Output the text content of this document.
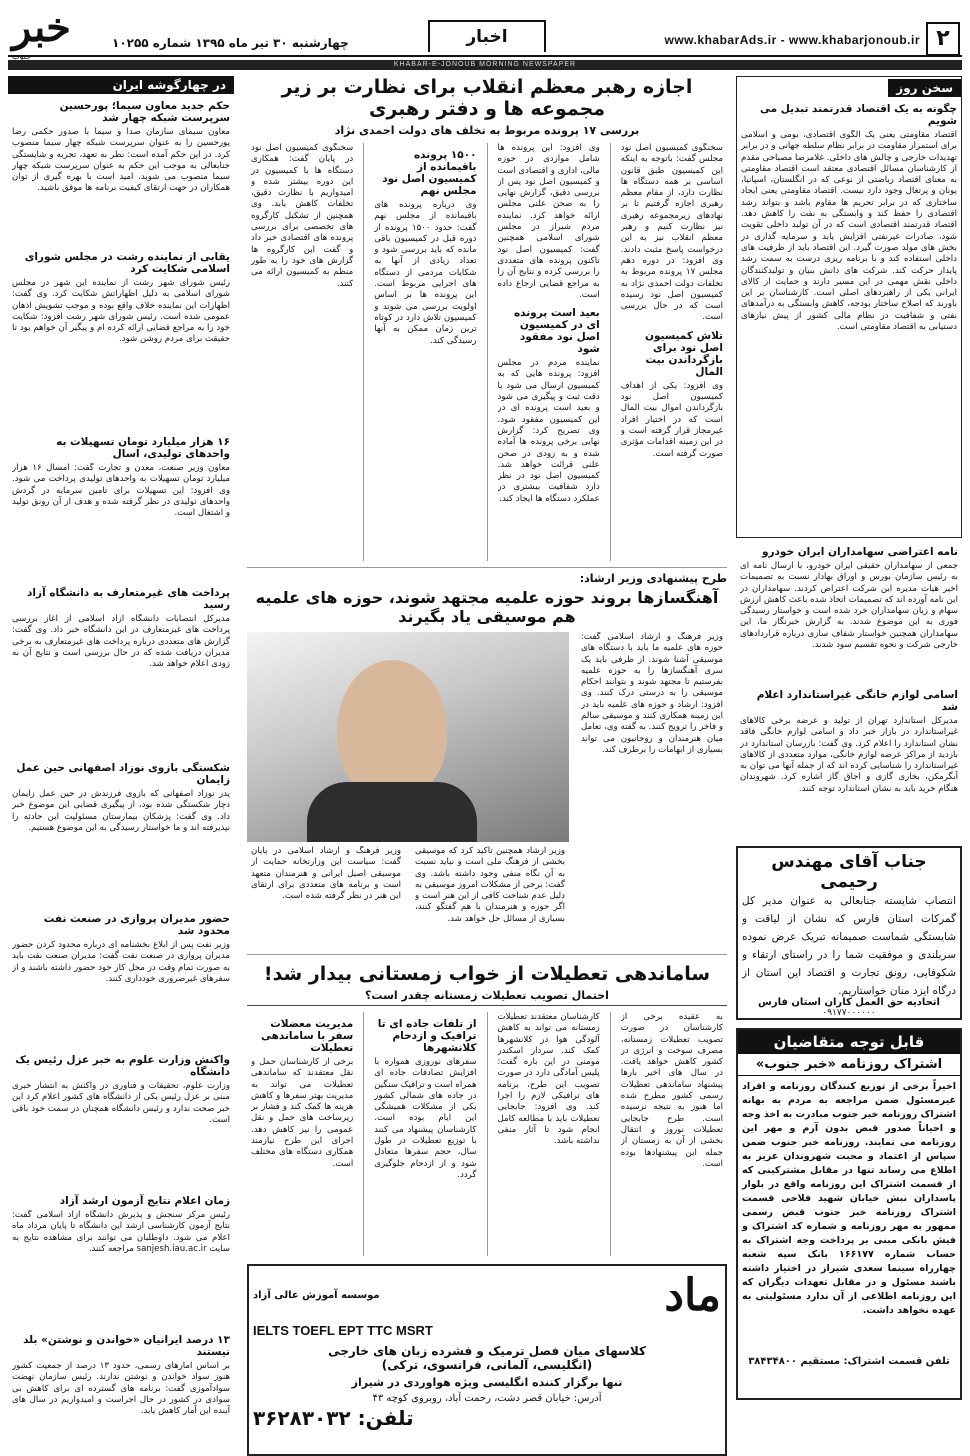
۲
www.khabarAds.ir - www.khabarjonoub.ir
اخبار
چهارشنبه ۳۰ تیر ماه ۱۳۹۵ شماره ۱۰۲۵۵
خبر
KHABAR-E-JONOUB MORNING NEWSPAPER
سخن روز
چگونه به یک اقتصاد قدرتمند تبدیل می شویم
اقتصاد مقاومتی یعنی یک الگوی اقتصادی، بومی و اسلامی برای استمرار مقاومت در برابر نظام سلطه جهانی و در برابر تهدیدات خارجی و چالش های داخلی. غلامرضا مصباحی مقدم از کارشناسان مسائل اقتصادی معتقد است اقتصاد مقاومتی به معنای اقتصاد ریاضتی از نوعی که در انگلستان، اسپانیا، یونان و پرتغال وجود دارد نیست. اقتصاد مقاومتی یعنی ایجاد ساختاری که در برابر تحریم ها مقاوم باشد و بتواند رشد اقتصادی را حفظ کند و وابستگی به نفت را کاهش دهد. اقتصاد قدرتمند اقتصادی است که در آن تولید داخلی تقویت شود، صادرات غیرنفتی افزایش یابد و سرمایه گذاری در بخش های مولد صورت گیرد. این اقتصاد باید از ظرفیت های داخلی استفاده کند و با برنامه ریزی درست به سمت رشد پایدار حرکت کند. شرکت های دانش بنیان و تولیدکنندگان داخلی نقش مهمی در این مسیر دارند و حمایت از کالای ایرانی یکی از راهبردهای اصلی است. کارشناسان بر این باورند که اصلاح ساختار بودجه، کاهش وابستگی به درآمدهای نفتی و شفافیت در نظام مالی کشور از پیش نیازهای دستیابی به اقتصاد مقاومتی است.
نامه اعتراضی سهامداران ایران خودرو
جمعی از سهامداران حقیقی ایران خودرو، با ارسال نامه ای به رئیس سازمان بورس و اوراق بهادار نسبت به تصمیمات اخیر هیات مدیره این شرکت اعتراض کردند. سهامداران در این نامه آورده اند که تصمیمات اتخاذ شده باعث کاهش ارزش سهام و زیان سهامداران خرد شده است و خواستار رسیدگی فوری به این موضوع شدند. به گزارش خبرنگار ما، این سهامداران همچنین خواستار شفاف سازی درباره قراردادهای خارجی شرکت و نحوه تقسیم سود شدند.
اسامی لوازم خانگی غیراستاندارد اعلام شد
مدیرکل استاندارد تهران از تولید و عرضه برخی کالاهای غیراستاندارد در بازار خبر داد و اسامی لوازم خانگی فاقد نشان استاندارد را اعلام کرد. وی گفت: بازرسان استاندارد در بازدید از مراکز عرضه لوازم خانگی، موارد متعددی از کالاهای غیراستاندارد را شناسایی کرده اند که از جمله آنها می توان به آبگرمکن، بخاری گازی و اجاق گاز اشاره کرد. شهروندان هنگام خرید باید به نشان استاندارد توجه کنند.
جناب آقای مهندس رحیمی
انتصاب شایسته جنابعالی به عنوان مدیر کل گمرکات استان فارس که نشان از لیاقت و شایستگی شماست صمیمانه تبریک عرض نموده سربلندی و موفقیت شما را در راستای ارتقاء و شکوفایی، رونق تجارت و اقتصاد این استان از درگاه ایزد منان خواستاریم.
اتحادیه حق العمل کاران استان فارس
۰۹۱۷۷۰۰۰۰۰۰
قابل توجه متقاضیان
اشتراک روزنامه «خبر جنوب»
اخیراً برخی از توزیع کنندگان روزنامه و افراد غیرمسئول ضمن مراجعه به مردم به بهانه اشتراک روزنامه خبر جنوب مبادرت به اخذ وجه و احیاناً صدور قبض بدون آرم و مهر این روزنامه می نمایند. روزنامه خبر جنوب ضمن سپاس از اعتماد و محبت شهروندان عزیز به اطلاع می رساند تنها در مقابل مشترکینی که از قسمت اشتراک این روزنامه واقع در بلوار پاسداران نبش خیابان شهید فلاحی قسمت اشتراک روزنامه خبر جنوب قبض رسمی ممهور به مهر روزنامه و شماره کد اشتراک و فیش بانکی مبنی بر پرداخت وجه اشتراک به حساب شماره ۱۶۶۱۷۷ بانک سپه شعبه چهارراه سینما سعدی شیراز در اختیار داشته باشند مسئول و در مقابل تعهدات دیگران که این روزنامه اطلاعی از آن ندارد مسئولیتی به عهده نخواهد داشت.
تلفن قسمت اشتراک: مستقیم ۳۸۴۳۴۸۰۰
اجازه رهبر معظم انقلاب برای نظارت بر زیر مجموعه ها و دفتر رهبری
بررسی ۱۷ پرونده مربوط به تخلف های دولت احمدی نژاد
سخنگوی کمیسیون اصل نود مجلس گفت: باتوجه به اینکه این کمیسیون طبق قانون اساسی بر همه دستگاه ها نظارت دارد، از مقام معظم رهبری اجازه گرفتیم تا بر نهادهای زیرمجموعه رهبری نیز نظارت کنیم و رهبر معظم انقلاب نیز به این درخواست پاسخ مثبت دادند. وی افزود: در دوره دهم مجلس ۱۷ پرونده مربوط به تخلفات دولت احمدی نژاد به کمیسیون اصل نود رسیده است که در حال بررسی است.
تلاش کمیسیون اصل نود برای بازگرداندن بیت المال
وی افزود: یکی از اهداف کمیسیون اصل نود بازگرداندن اموال بیت المال است که در اختیار افراد غیرمجاز قرار گرفته است و در این زمینه اقدامات مؤثری صورت گرفته است.
وی افزود: این پرونده ها شامل مواردی در حوزه مالی، اداری و اقتصادی است و کمیسیون اصل نود پس از بررسی دقیق، گزارش نهایی را به صحن علنی مجلس ارائه خواهد کرد. نماینده مردم شیراز در مجلس شورای اسلامی همچنین گفت: کمیسیون اصل نود تاکنون پرونده های متعددی را بررسی کرده و نتایج آن را به مراجع قضایی ارجاع داده است.
بعید است پرونده ای در کمیسیون اصل نود مفقود شود
نماینده مردم در مجلس افزود: پرونده هایی که به کمیسیون ارسال می شود با دقت ثبت و پیگیری می شود و بعید است پرونده ای در این کمیسیون مفقود شود. وی تصریح کرد: گزارش نهایی برخی پرونده ها آماده شده و به زودی در صحن علنی قرائت خواهد شد. کمیسیون اصل نود در نظر دارد شفافیت بیشتری در عملکرد دستگاه ها ایجاد کند.
۱۵۰۰ پرونده باقیمانده از کمیسیون اصل نود مجلس نهم
وی درباره پرونده های باقیمانده از مجلس نهم گفت: حدود ۱۵۰۰ پرونده از دوره قبل در کمیسیون باقی مانده که باید بررسی شود و تعداد زیادی از آنها به شکایات مردمی از دستگاه های اجرایی مربوط است. این پرونده ها بر اساس اولویت بررسی می شوند و کمیسیون تلاش دارد در کوتاه ترین زمان ممکن به آنها رسیدگی کند.
سخنگوی کمیسیون اصل نود در پایان گفت: همکاری دستگاه ها با کمیسیون در این دوره بیشتر شده و امیدواریم با نظارت دقیق، تخلفات کاهش یابد. وی همچنین از تشکیل کارگروه های تخصصی برای بررسی پرونده های اقتصادی خبر داد و گفت این کارگروه ها گزارش های خود را به طور منظم به کمیسیون ارائه می کنند.
طرح پیشنهادی وزیر ارشاد:
آهنگسازها بروند حوزه علمیه مجتهد شوند، حوزه های علمیه هم موسیقی یاد بگیرند
وزیر فرهنگ و ارشاد اسلامی گفت: حوزه های علمیه ما باید با دستگاه های موسیقی آشنا شوند. از طرفی باید یک سری آهنگسازها را به حوزه علمیه بفرستیم تا مجتهد شوند و بتوانند احکام موسیقی را به درستی درک کنند. وی افزود: ارشاد و حوزه های علمیه باید در این زمینه همکاری کنند و موسیقی سالم و فاخر را ترویج کنند. به گفته وی، تعامل میان هنرمندان و روحانیون می تواند بسیاری از ابهامات را برطرف کند.
وزیر ارشاد همچنین تاکید کرد که موسیقی بخشی از فرهنگ ملی است و نباید نسبت به آن نگاه منفی وجود داشته باشد. وی گفت: برخی از مشکلات امروز موسیقی به دلیل عدم شناخت کافی از این هنر است و اگر حوزه و هنرمندان با هم گفتگو کنند، بسیاری از مسائل حل خواهد شد.
وزیر فرهنگ و ارشاد اسلامی در پایان گفت: سیاست این وزارتخانه حمایت از موسیقی اصیل ایرانی و هنرمندان متعهد است و برنامه های متعددی برای ارتقای این هنر در نظر گرفته شده است.
ساماندهی تعطیلات از خواب زمستانی بیدار شد!
احتمال تصویب تعطیلات زمستانه چقدر است؟
به عقیده برخی از کارشناسان در صورت تصویب تعطیلات زمستانه، مصرف سوخت و انرژی در کشور کاهش خواهد یافت. در سال های اخیر بارها پیشنهاد ساماندهی تعطیلات رسمی کشور مطرح شده اما هنوز به نتیجه نرسیده است. طرح جابجایی تعطیلات نوروز و انتقال بخشی از آن به زمستان از جمله این پیشنهادها بوده است.
کارشناسان معتقدند تعطیلات زمستانه می تواند به کاهش آلودگی هوا در کلانشهرها کمک کند. سردار اسکندر مومنی در این باره گفت: پلیس آمادگی دارد در صورت تصویب این طرح، برنامه های ترافیکی لازم را اجرا کند. وی افزود: جابجایی تعطیلات باید با مطالعه کامل انجام شود تا آثار منفی نداشته باشد.
از تلفات جاده ای تا ترافیک و ازدحام کلانشهرها
سفرهای نوروزی همواره با افزایش تصادفات جاده ای همراه است و ترافیک سنگین در جاده های شمالی کشور یکی از مشکلات همیشگی این ایام بوده است. کارشناسان پیشنهاد می کنند با توزیع تعطیلات در طول سال، حجم سفرها متعادل شود و از ازدحام جلوگیری گردد.
مدیریت معضلات سفر با ساماندهی تعطیلات
برخی از کارشناسان حمل و نقل معتقدند که ساماندهی تعطیلات می تواند به مدیریت بهتر سفرها و کاهش هزینه ها کمک کند و فشار بر زیرساخت های حمل و نقل عمومی را نیز کاهش دهد. اجرای این طرح نیازمند همکاری دستگاه های مختلف است.
ماد
موسسه آموزش عالی آزاد
IELTS TOEFL EPT TTC MSRT
کلاسهای میان فصل ترمیک و فشرده زبان های خارجی
(انگلیسی، آلمانی، فرانسوی، ترکی)
تنها برگزار کننده انگلیسی ویژه هواوردی در شیراز
آدرس: خیابان قصر دشت، رحمت آباد، روبروی کوچه ۴۳
تلفن: ۳۶۲۸۳۰۳۲
در چهارگوشه ایران
حکم جدید معاون سیما؛ پورحسین سرپرست شبکه چهار شد
معاون سیمای سازمان صدا و سیما با صدور حکمی رضا پورحسین را به عنوان سرپرست شبکه چهار سیما منصوب کرد. در این حکم آمده است: نظر به تعهد، تجربه و شایستگی جنابعالی به موجب این حکم به عنوان سرپرست شبکه چهار سیما منصوب می شوید. امید است با بهره گیری از توان همکاران در جهت ارتقای کیفیت برنامه ها موفق باشید.
یقابی از نماینده رشت در مجلس شورای اسلامی شکایت کرد
رئیس شورای شهر رشت از نماینده این شهر در مجلس شورای اسلامی به دلیل اظهاراتش شکایت کرد. وی گفت: اظهارات این نماینده خلاف واقع بوده و موجب تشویش اذهان عمومی شده است. رئیس شورای شهر رشت افزود: شکایت خود را به مراجع قضایی ارائه کرده ام و پیگیر آن خواهم بود تا حقیقت برای مردم روشن شود.
۱۶ هزار میلیارد تومان تسهیلات به واحدهای تولیدی، اسال
معاون وزیر صنعت، معدن و تجارت گفت: امسال ۱۶ هزار میلیارد تومان تسهیلات به واحدهای تولیدی پرداخت می شود. وی افزود: این تسهیلات برای تامین سرمایه در گردش واحدهای تولیدی در نظر گرفته شده و هدف از آن رونق تولید و اشتغال است.
پرداخت های غیرمتعارف به دانشگاه آزاد رسید
مدیرکل انتصابات دانشگاه آزاد اسلامی از آغاز بررسی پرداخت های غیرمتعارف در این دانشگاه خبر داد. وی گفت: گزارش های متعددی درباره پرداخت های غیرمتعارف به برخی مدیران دریافت شده که در حال بررسی است و نتایج آن به زودی اعلام خواهد شد.
شکستگی بازوی نوزاد اصفهانی حین عمل زایمان
پدر نوزاد اصفهانی که بازوی فرزندش در حین عمل زایمان دچار شکستگی شده بود، از پیگیری قضایی این موضوع خبر داد. وی گفت: پزشکان بیمارستان مسئولیت این حادثه را نپذیرفته اند و ما خواستار رسیدگی به این موضوع هستیم.
حضور مدیران پروازی در صنعت نفت محدود شد
وزیر نفت پس از ابلاغ بخشنامه ای درباره محدود کردن حضور مدیران پروازی در صنعت نفت گفت: مدیران صنعت نفت باید به صورت تمام وقت در محل کار خود حضور داشته باشند و از سفرهای غیرضروری خودداری کنند.
واکنش وزارت علوم به خبر عزل رئیس یک دانشگاه
وزارت علوم، تحقیقات و فناوری در واکنش به انتشار خبری مبنی بر عزل رئیس یکی از دانشگاه های کشور اعلام کرد این خبر صحت ندارد و رئیس دانشگاه همچنان در سمت خود باقی است.
زمان اعلام نتایج آزمون ارشد آزاد
رئیس مرکز سنجش و پذیرش دانشگاه آزاد اسلامی گفت: نتایج آزمون کارشناسی ارشد این دانشگاه تا پایان مرداد ماه اعلام می شود. داوطلبان می توانند برای مشاهده نتایج به سایت sanjesh.iau.ac.ir مراجعه کنند.
۱۳ درصد ایرانیان «خواندن و نوشتن» بلد نیستند
بر اساس آمارهای رسمی، حدود ۱۳ درصد از جمعیت کشور هنوز سواد خواندن و نوشتن ندارند. رئیس سازمان نهضت سوادآموزی گفت: برنامه های گسترده ای برای کاهش بی سوادی در کشور در حال اجراست و امیدواریم در سال های آینده این آمار کاهش یابد.
